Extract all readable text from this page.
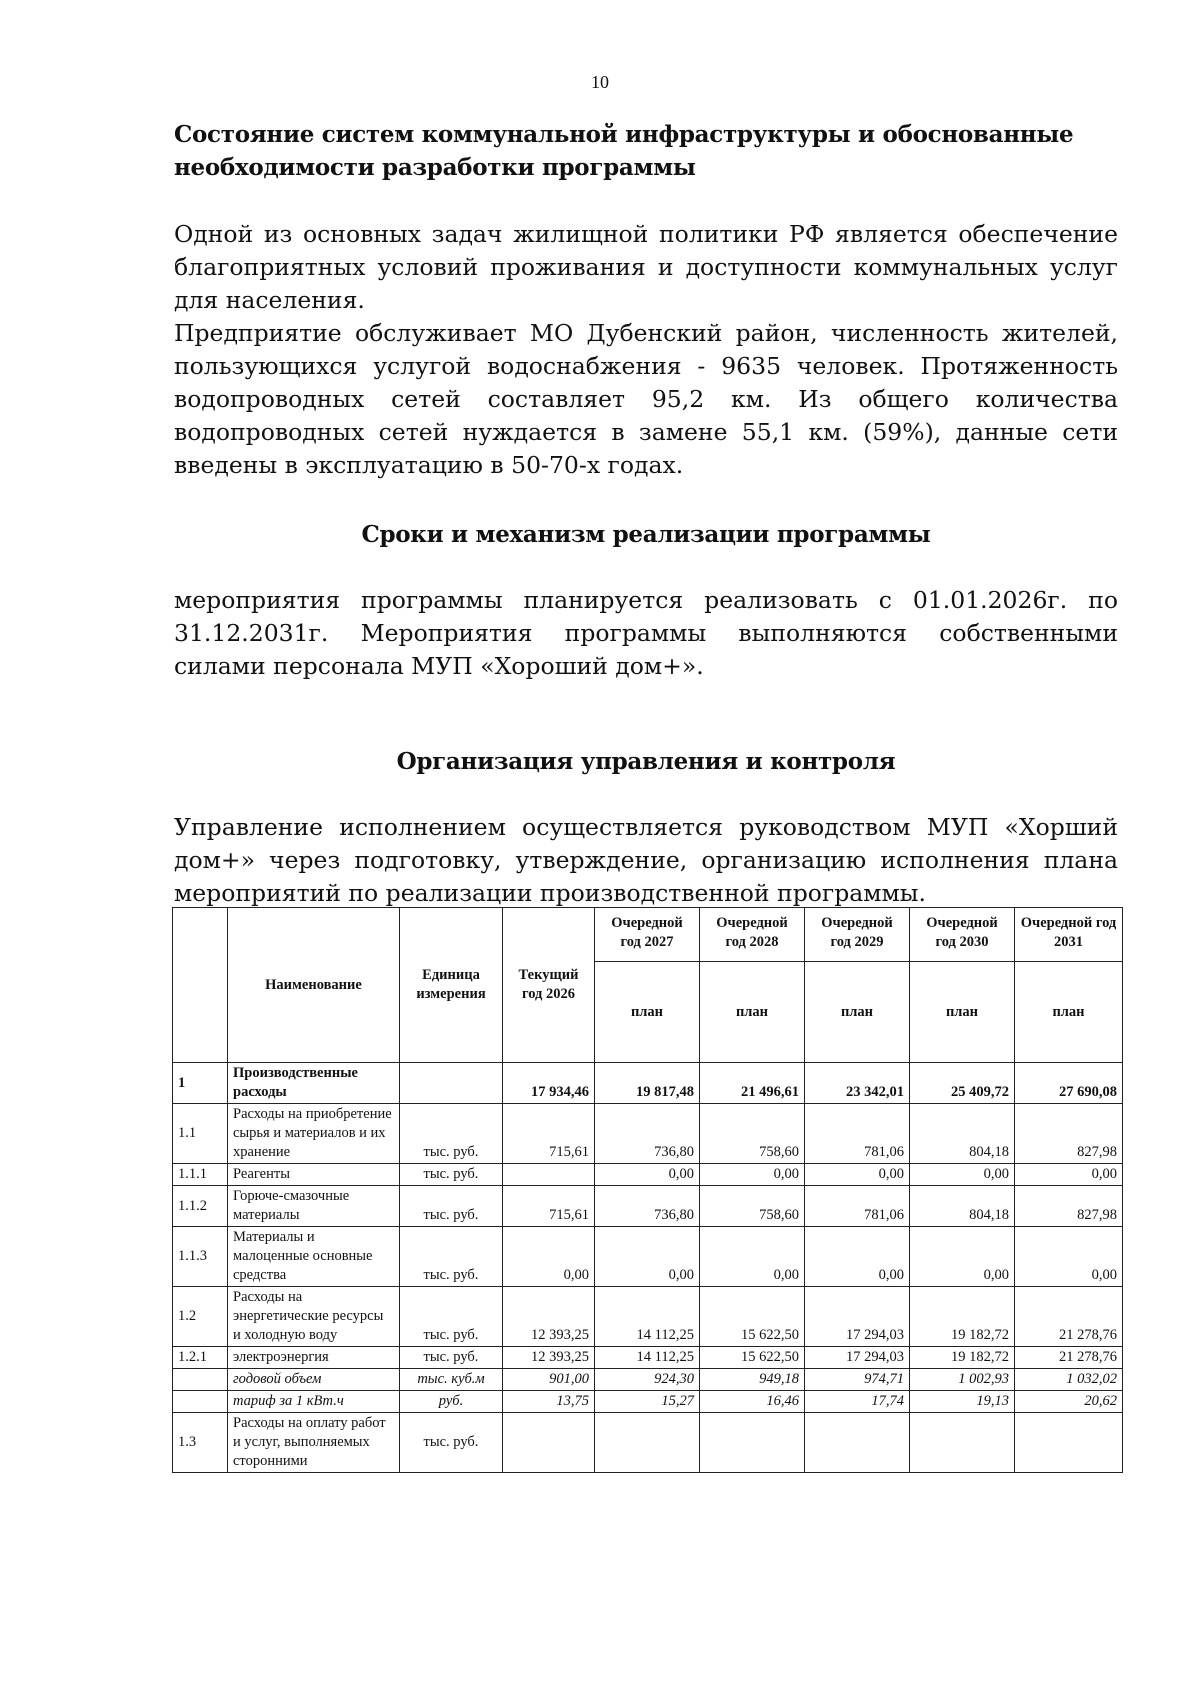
10
Состояние систем коммунальной инфраструктуры и обоснованные необходимости разработки программы

Одной из основных задач жилищной политики РФ является обеспечение благоприятных условий проживания и доступности коммунальных услуг для населения.

Предприятие обслуживает МО Дубенский район, численность жителей, пользующихся услугой водоснабжения - 9635 человек. Протяженность водопроводных сетей составляет 95,2 км. Из общего количества водопроводных сетей нуждается в замене 55,1 км. (59%), данные сети введены в эксплуатацию в 50-70-х годах.

Сроки и механизм реализации программы

мероприятия программы планируется реализовать с 01.01.2026г. по 31.12.2031г. Мероприятия программы выполняются собственными силами персонала МУП «Хороший дом+».

Организация управления и контроля

Управление исполнением осуществляется руководством МУП «Хорший дом+» через подготовку, утверждение, организацию исполнения плана мероприятий по реализации производственной программы.

	Наименование	Единица измерения	Текущий год 2026	Очередной год 2027	Очередной год 2028	Очередной год 2029	Очередной год 2030	Очередной год 2031
				план	план	план	план	план
1	Производственные расходы		17 934,46	19 817,48	21 496,61	23 342,01	25 409,72	27 690,08
1.1	Расходы на приобретение сырья и материалов и их хранение	тыс. руб.	715,61	736,80	758,60	781,06	804,18	827,98
1.1.1	Реагенты	тыс. руб.		0,00	0,00	0,00	0,00	0,00
1.1.2	Горюче-смазочные материалы	тыс. руб.	715,61	736,80	758,60	781,06	804,18	827,98
1.1.3	Материалы и малоценные основные средства	тыс. руб.	0,00	0,00	0,00	0,00	0,00	0,00
1.2	Расходы на энергетические ресурсы и холодную воду	тыс. руб.	12 393,25	14 112,25	15 622,50	17 294,03	19 182,72	21 278,76
1.2.1	электроэнергия	тыс. руб.	12 393,25	14 112,25	15 622,50	17 294,03	19 182,72	21 278,76
	годовой объем	тыс. куб.м	901,00	924,30	949,18	974,71	1 002,93	1 032,02
	тариф за 1 кВт.ч	руб.	13,75	15,27	16,46	17,74	19,13	20,62
1.3	Расходы на оплату работ и услуг, выполняемых сторонними	тыс. руб.						
